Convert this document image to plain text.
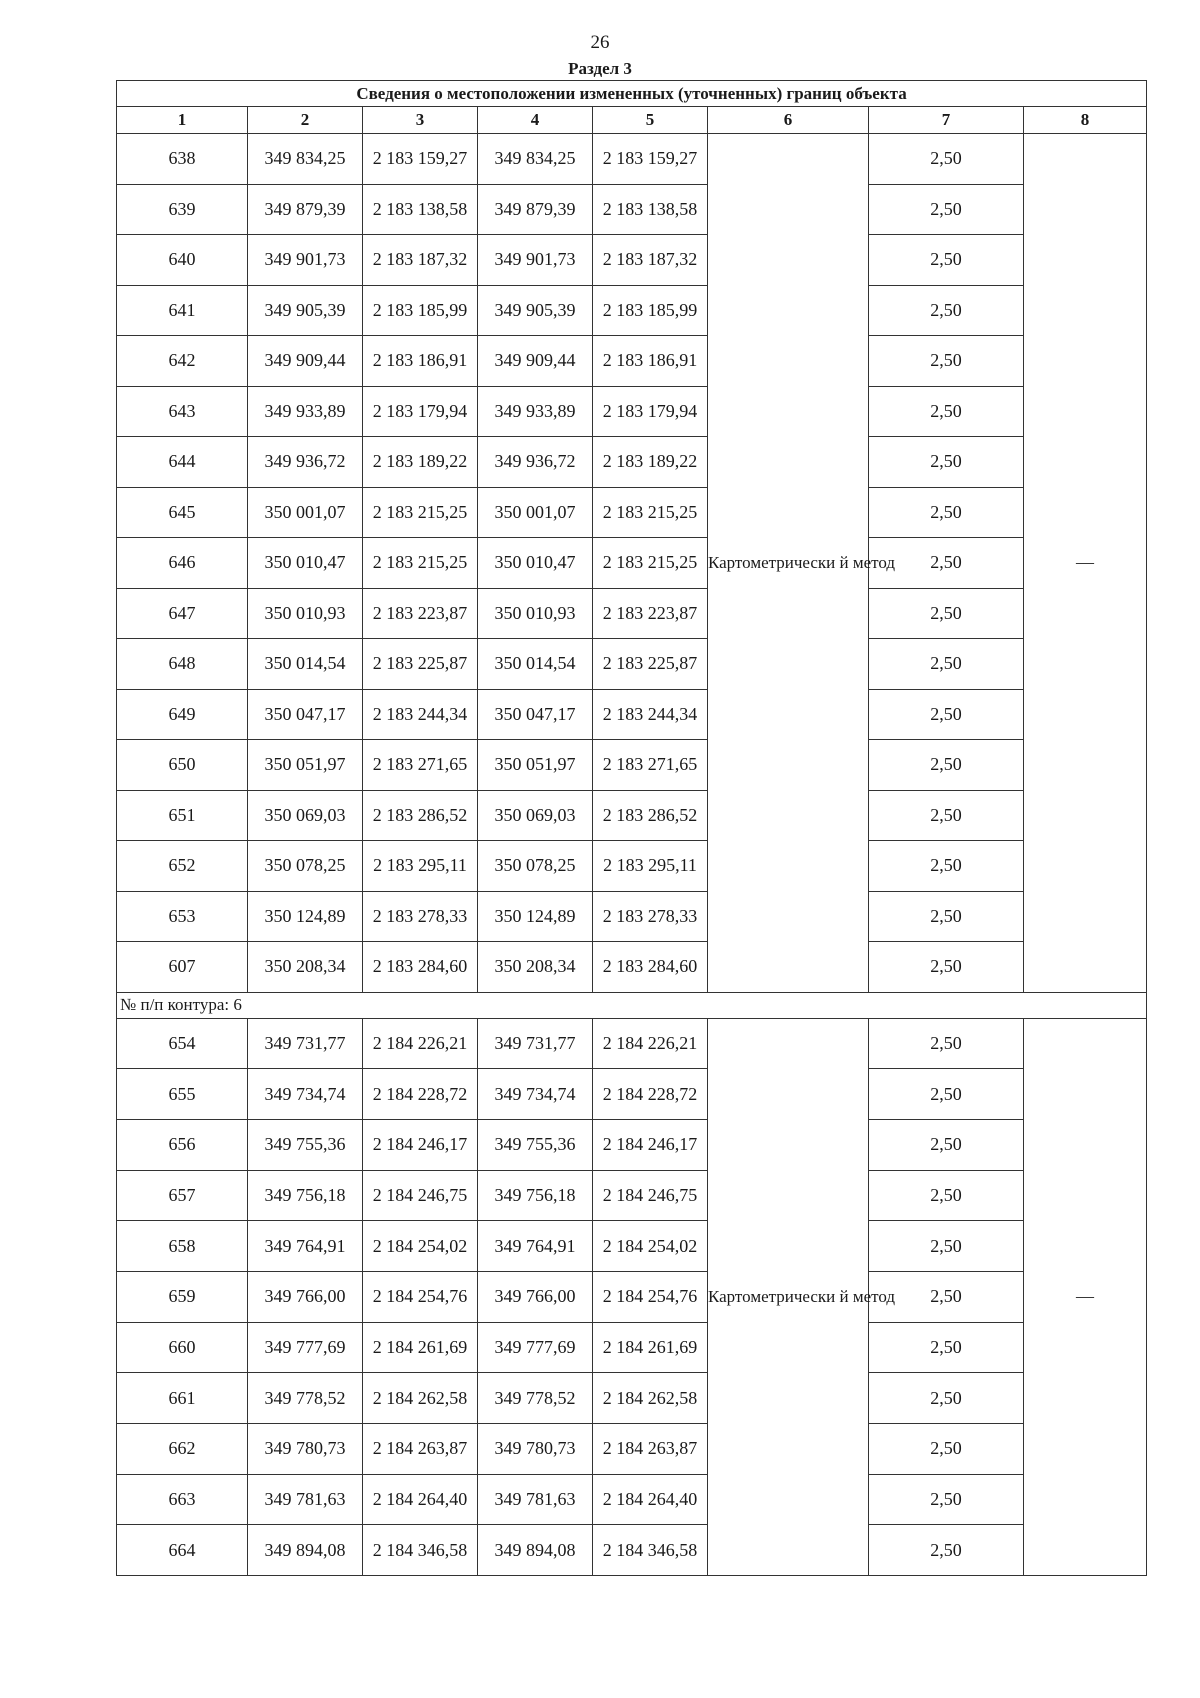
26
Раздел 3
Сведения о местоположении измененных (уточненных) границ объекта							
1	2	3	4	5	6	7	8
638	349 834,25	2 183 159,27	349 834,25	2 183 159,27	Картометрически й метод	2,50	—
639	349 879,39	2 183 138,58	349 879,39	2 183 138,58		2,50	
640	349 901,73	2 183 187,32	349 901,73	2 183 187,32		2,50	
641	349 905,39	2 183 185,99	349 905,39	2 183 185,99		2,50	
642	349 909,44	2 183 186,91	349 909,44	2 183 186,91		2,50	
643	349 933,89	2 183 179,94	349 933,89	2 183 179,94		2,50	
644	349 936,72	2 183 189,22	349 936,72	2 183 189,22		2,50	
645	350 001,07	2 183 215,25	350 001,07	2 183 215,25		2,50	
646	350 010,47	2 183 215,25	350 010,47	2 183 215,25		2,50	
647	350 010,93	2 183 223,87	350 010,93	2 183 223,87		2,50	
648	350 014,54	2 183 225,87	350 014,54	2 183 225,87		2,50	
649	350 047,17	2 183 244,34	350 047,17	2 183 244,34		2,50	
650	350 051,97	2 183 271,65	350 051,97	2 183 271,65		2,50	
651	350 069,03	2 183 286,52	350 069,03	2 183 286,52		2,50	
652	350 078,25	2 183 295,11	350 078,25	2 183 295,11		2,50	
653	350 124,89	2 183 278,33	350 124,89	2 183 278,33		2,50	
607	350 208,34	2 183 284,60	350 208,34	2 183 284,60		2,50	
№ п/п контура: 6							
654	349 731,77	2 184 226,21	349 731,77	2 184 226,21	Картометрически й метод	2,50	—
655	349 734,74	2 184 228,72	349 734,74	2 184 228,72		2,50	
656	349 755,36	2 184 246,17	349 755,36	2 184 246,17		2,50	
657	349 756,18	2 184 246,75	349 756,18	2 184 246,75		2,50	
658	349 764,91	2 184 254,02	349 764,91	2 184 254,02		2,50	
659	349 766,00	2 184 254,76	349 766,00	2 184 254,76		2,50	
660	349 777,69	2 184 261,69	349 777,69	2 184 261,69		2,50	
661	349 778,52	2 184 262,58	349 778,52	2 184 262,58		2,50	
662	349 780,73	2 184 263,87	349 780,73	2 184 263,87		2,50	
663	349 781,63	2 184 264,40	349 781,63	2 184 264,40		2,50	
664	349 894,08	2 184 346,58	349 894,08	2 184 346,58		2,50	
